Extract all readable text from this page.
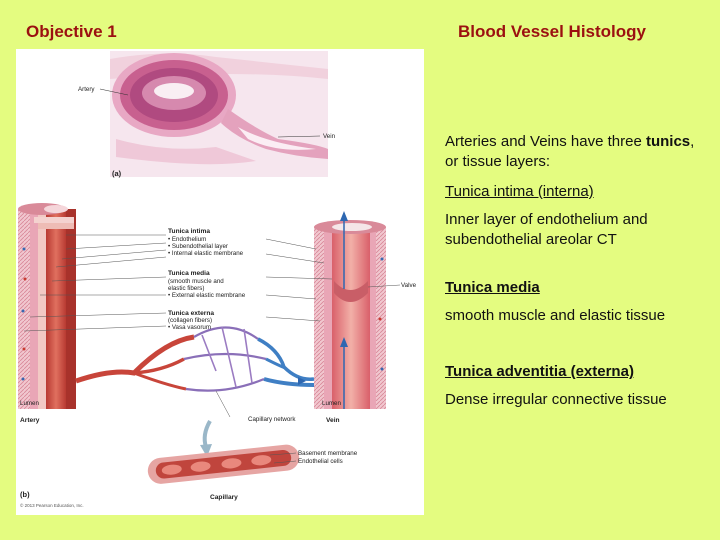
Objective 1	Blood Vessel Histology
Artery
Vein
(a)
Tunica intima
• Endothelium
• Subendothelial layer
• Internal elastic membrane
Tunica media
(smooth muscle and
elastic fibers)
• External elastic membrane
Tunica externa
(collagen fibers)
• Vasa vasorum
Valve
Lumen
Artery	Capillary network
Lumen
Vein
Basement membrane
Endothelial cells
Capillary
(b)
© 2013 Pearson Education, Inc.

Arteries and Veins have three tunics, or tissue layers:

Tunica intima (interna)

Inner layer of endothelium and subendothelial areolar CT

Tunica media

smooth muscle and elastic tissue

Tunica adventitia (externa)

Dense irregular connective tissue
